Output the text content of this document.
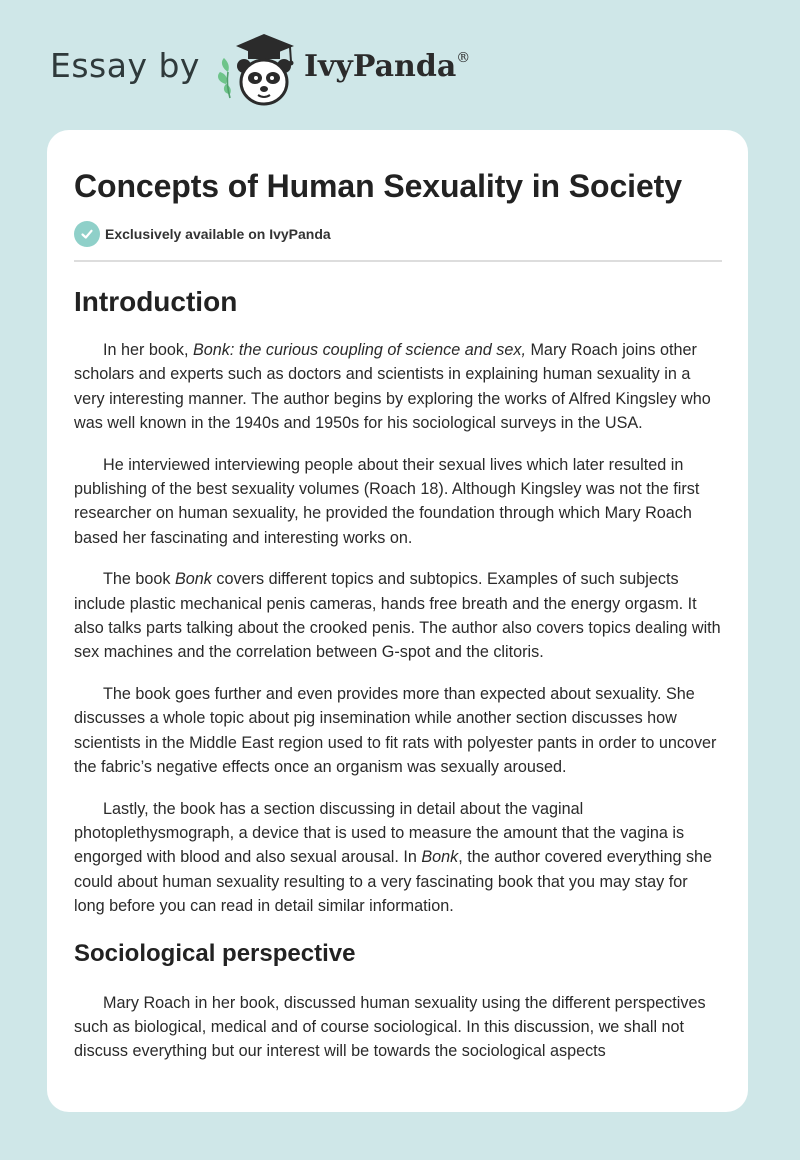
Essay by	IvyPanda®
Concepts of Human Sexuality in Society
Exclusively available on IvyPanda
Introduction

In her book, Bonk: the curious coupling of science and sex, Mary Roach joins other scholars and experts such as doctors and scientists in explaining human sexuality in a very interesting manner. The author begins by exploring the works of Alfred Kingsley who was well known in the 1940s and 1950s for his sociological surveys in the USA.

He interviewed interviewing people about their sexual lives which later resulted in publishing of the best sexuality volumes (Roach 18). Although Kingsley was not the first researcher on human sexuality, he provided the foundation through which Mary Roach based her fascinating and interesting works on.

The book Bonk covers different topics and subtopics. Examples of such subjects include plastic mechanical penis cameras, hands free breath and the energy orgasm. It also talks parts talking about the crooked penis. The author also covers topics dealing with sex machines and the correlation between G-spot and the clitoris.

The book goes further and even provides more than expected about sexuality. She discusses a whole topic about pig insemination while another section discusses how scientists in the Middle East region used to fit rats with polyester pants in order to uncover the fabric’s negative effects once an organism was sexually aroused.

Lastly, the book has a section discussing in detail about the vaginal photoplethysmograph, a device that is used to measure the amount that the vagina is engorged with blood and also sexual arousal. In Bonk, the author covered everything she could about human sexuality resulting to a very fascinating book that you may stay for long before you can read in detail similar information.

Sociological perspective

Mary Roach in her book, discussed human sexuality using the different perspectives such as biological, medical and of course sociological. In this discussion, we shall not discuss everything but our interest will be towards the sociological aspects
